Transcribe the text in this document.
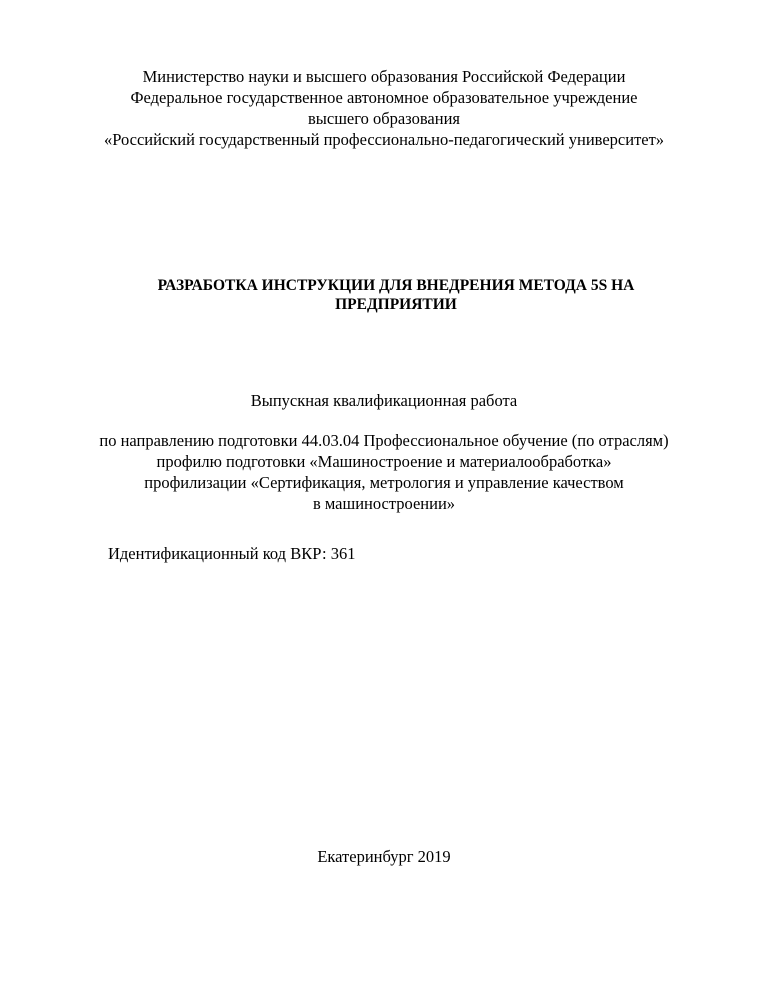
Министерство науки и высшего образования Российской Федерации
Федеральное государственное автономное образовательное учреждение
высшего образования
«Российский государственный профессионально-педагогический университет»
РАЗРАБОТКА ИНСТРУКЦИИ ДЛЯ ВНЕДРЕНИЯ МЕТОДА 5S НА
ПРЕДПРИЯТИИ
Выпускная квалификационная работа
по направлению подготовки 44.03.04 Профессиональное обучение (по отраслям)
профилю подготовки «Машиностроение и материалообработка»
профилизации «Сертификация, метрология и управление качеством
в машиностроении»
Идентификационный код ВКР: 361
Екатеринбург 2019
